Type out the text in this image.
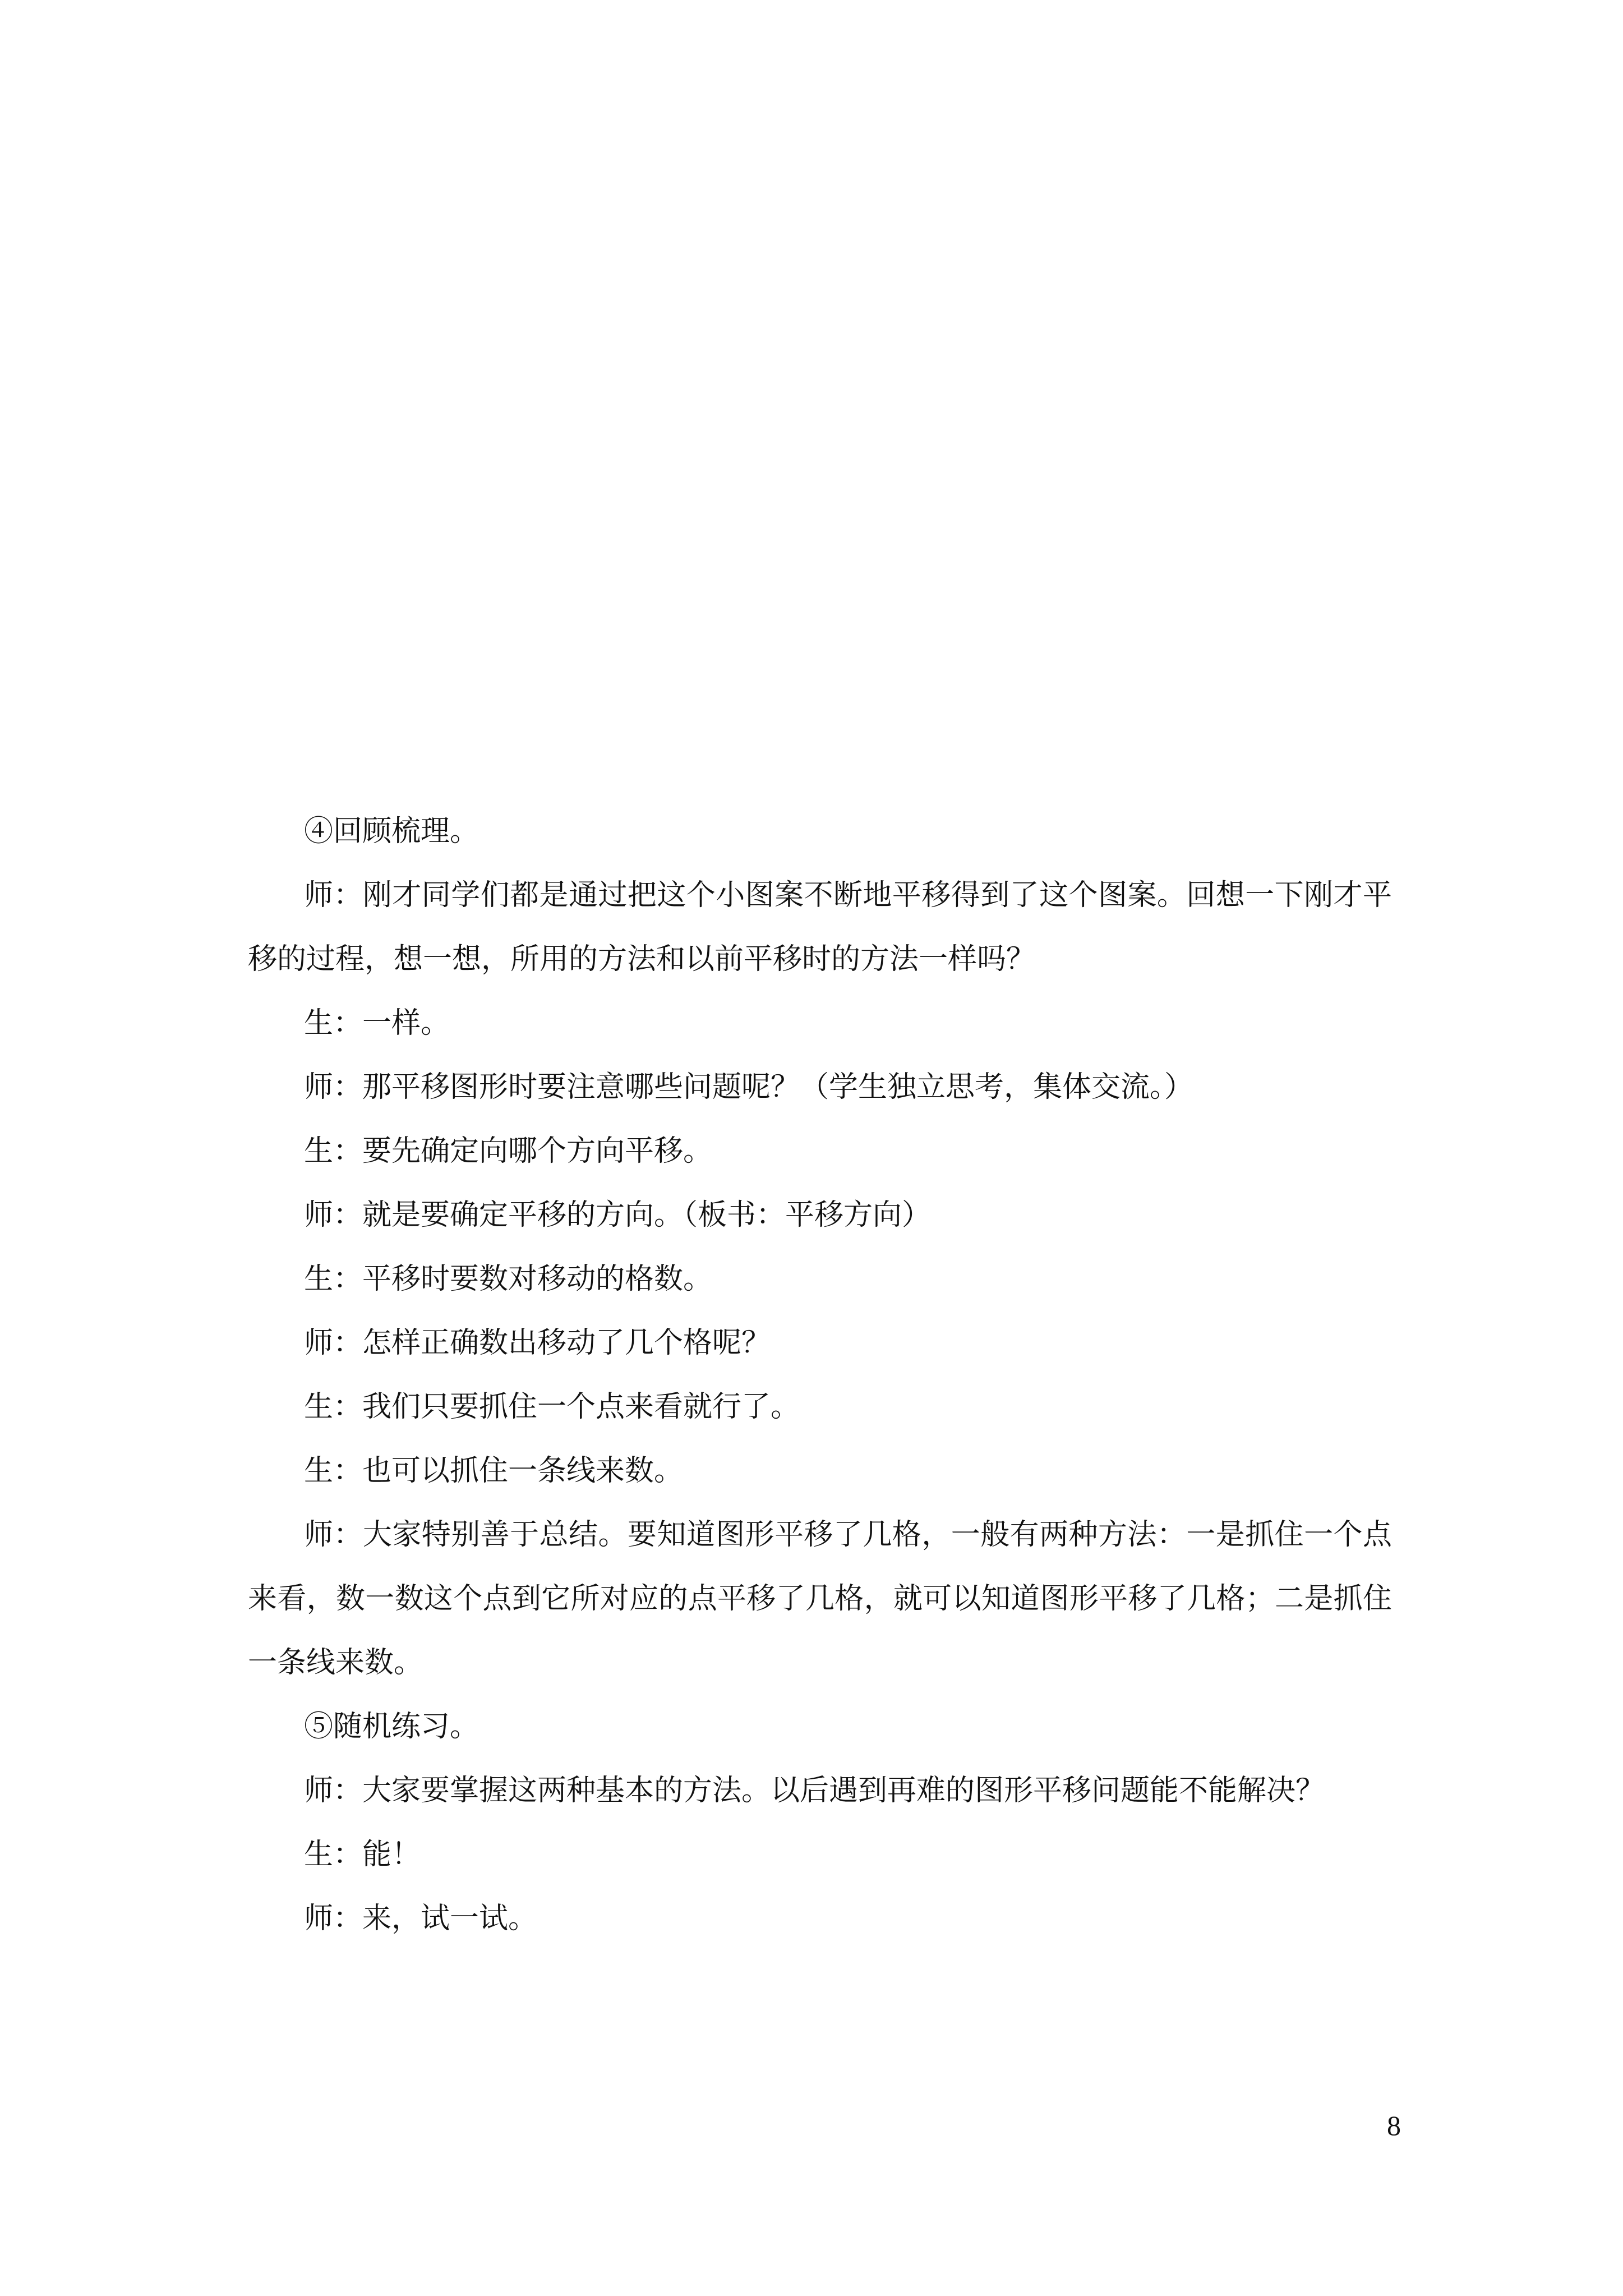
④回顾梳理。

师：刚才同学们都是通过把这个小图案不断地平移得到了这个图案。回想一下刚才平移的过程，想一想，所用的方法和以前平移时的方法一样吗？

生：一样。

师：那平移图形时要注意哪些问题呢？（学生独立思考，集体交流。）

生：要先确定向哪个方向平移。

师：就是要确定平移的方向。（板书：平移方向）

生：平移时要数对移动的格数。

师：怎样正确数出移动了几个格呢？

生：我们只要抓住一个点来看就行了。

生：也可以抓住一条线来数。

师：大家特别善于总结。要知道图形平移了几格，一般有两种方法：一是抓住一个点来看，数一数这个点到它所对应的点平移了几格，就可以知道图形平移了几格；二是抓住一条线来数。

⑤随机练习。

师：大家要掌握这两种基本的方法。以后遇到再难的图形平移问题能不能解决？

生：能！

师：来，试一试。

8
